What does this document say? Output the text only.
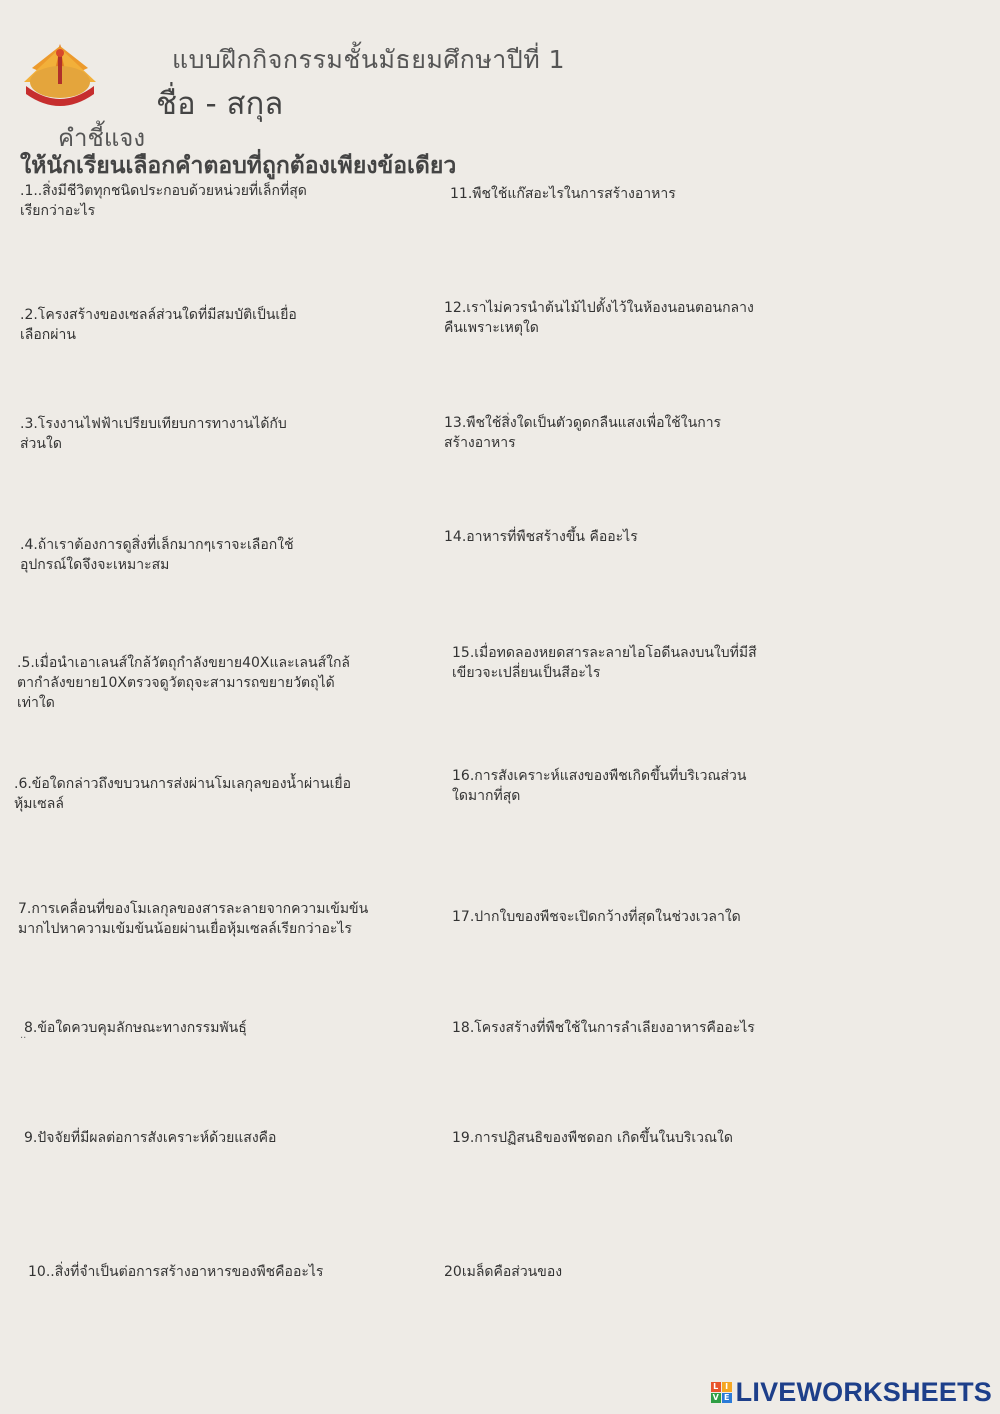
แบบฝึกกิจกรรมชั้นมัธยมศึกษาปีที่ 1
ชื่อ - สกุล
คำชี้แจง
ให้นักเรียนเลือกคำตอบที่ถูกต้องเพียงข้อเดียว
.1..สิ่งมีชีวิตทุกชนิดประกอบด้วยหน่วยที่เล็กที่สุด
เรียกว่าอะไร
.2.โครงสร้างของเซลล์ส่วนใดที่มีสมบัติเป็นเยื่อ
เลือกผ่าน
.3.โรงงานไฟฟ้าเปรียบเทียบการทางานได้กับ
ส่วนใด
.4.ถ้าเราต้องการดูสิ่งที่เล็กมากๆเราจะเลือกใช้
อุปกรณ์ใดจึงจะเหมาะสม
.5.เมื่อนำเอาเลนส์ใกล้วัตถุกำลังขยาย40Xและเลนส์ใกล้
ตากำลังขยาย10Xตรวจดูวัตถุจะสามารถขยายวัตถุได้
เท่าใด
.6.ข้อใดกล่าวถึงขบวนการส่งผ่านโมเลกุลของน้ำผ่านเยื่อ
หุ้มเซลล์
7.การเคลื่อนที่ของโมเลกุลของสารละลายจากความเข้มข้น
มากไปหาความเข้มข้นน้อยผ่านเยื่อหุ้มเซลล์เรียกว่าอะไร
8.ข้อใดควบคุมลักษณะทางกรรมพันธุ์
..
9.ปัจจัยที่มีผลต่อการสังเคราะห์ด้วยแสงคือ
10..สิ่งที่จำเป็นต่อการสร้างอาหารของพืชคืออะไร
11.พืชใช้แก๊สอะไรในการสร้างอาหาร
12.เราไม่ควรนำต้นไม้ไปตั้งไว้ในห้องนอนตอนกลาง
คืนเพราะเหตุใด
13.พืชใช้สิ่งใดเป็นตัวดูดกลืนแสงเพื่อใช้ในการ
สร้างอาหาร
14.อาหารที่พืชสร้างขึ้น คืออะไร
15.เมื่อทดลองหยดสารละลายไอโอดีนลงบนใบที่มีสี
เขียวจะเปลี่ยนเป็นสีอะไร
16.การสังเคราะห์แสงของพืชเกิดขึ้นที่บริเวณส่วน
ใดมากที่สุด
17.ปากใบของพืชจะเปิดกว้างที่สุดในช่วงเวลาใด
18.โครงสร้างที่พืชใช้ในการลำเลียงอาหารคืออะไร
19.การปฏิสนธิของพืชดอก เกิดขึ้นในบริเวณใด
20เมล็ดคือส่วนของ
L I
V E LIVEWORKSHEETS
